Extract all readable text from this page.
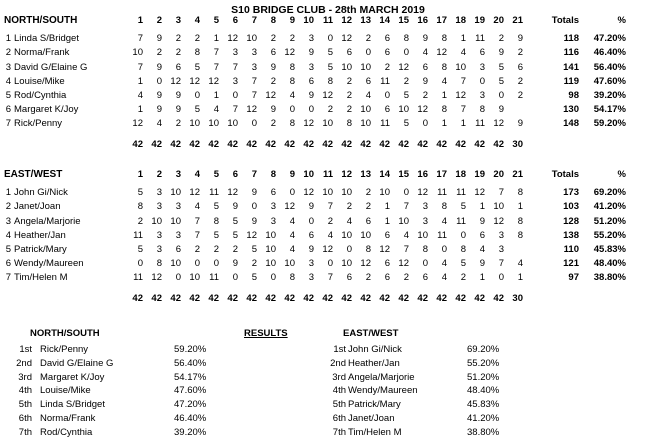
S10 BRIDGE CLUB - 28th MARCH 2019
NORTH/SOUTH		1	2	3	4	5	6	7	8	9	10	11	12	13	14	15	16	17	18	19	20	21	Totals	%

1	Linda S/Bridget	7	9	2	2	1	12	10	2	2	3	0	12	2	6	8	9	8	1	11	2	9	118	47.20%
2	Norma/Frank	10	2	2	8	7	3	3	6	12	9	5	6	0	6	0	4	12	4	6	9	2	116	46.40%
3	David G/Elaine G	7	9	6	5	7	7	3	9	8	3	5	10	10	2	12	6	8	10	3	5	6	141	56.40%
4	Louise/Mike	1	0	12	12	12	3	7	2	8	6	8	2	6	11	2	9	4	7	0	5	2	119	47.60%
5	Rod/Cynthia	4	9	9	0	1	0	7	12	4	9	12	2	4	0	5	2	1	12	3	0	2	98	39.20%
6	Margaret K/Joy	1	9	9	5	4	7	12	9	0	0	2	2	10	6	10	12	8	7	8	9		130	54.17%
7	Rick/Penny	12	4	2	10	10	10	0	2	8	12	10	8	10	11	5	0	1	1	11	12	9	148	59.20%
		42	42	42	42	42	42	42	42	42	42	42	42	42	42	42	42	42	42	42	42	30		
EAST/WEST		1	2	3	4	5	6	7	8	9	10	11	12	13	14	15	16	17	18	19	20	21	Totals	%

1	John Gi/Nick	5	3	10	12	11	12	9	6	0	12	10	10	2	10	0	12	11	11	12	7	8	173	69.20%
2	Janet/Joan	8	3	3	4	5	9	0	3	12	9	7	2	2	1	7	3	8	5	1	10	1	103	41.20%
3	Angela/Marjorie	2	10	10	7	8	5	9	3	4	0	2	4	6	1	10	3	4	11	9	12	8	128	51.20%
4	Heather/Jan	11	3	3	7	5	5	12	10	4	6	4	10	10	6	4	10	11	0	6	3	8	138	55.20%
5	Patrick/Mary	5	3	6	2	2	2	5	10	4	9	12	0	8	12	7	8	0	8	4	3		110	45.83%
6	Wendy/Maureen	0	8	10	0	0	9	2	10	10	3	0	10	12	6	12	0	4	5	9	7	4	121	48.40%
7	Tim/Helen M	11	12	0	10	11	0	5	0	8	3	7	6	2	6	2	6	4	2	1	0	1	97	38.80%
		42	42	42	42	42	42	42	42	42	42	42	42	42	42	42	42	42	42	42	42	30		
NORTH/SOUTH	RESULTS	EAST/WEST
1st Rick/Penny	59.20%	1st John Gi/Nick	69.20%
2nd David G/Elaine G	56.40%	2nd Heather/Jan	55.20%
3rd Margaret K/Joy	54.17%	3rd Angela/Marjorie	51.20%
4th Louise/Mike	47.60%	4th Wendy/Maureen	48.40%
5th Linda S/Bridget	47.20%	5th Patrick/Mary	45.83%
6th Norma/Frank	46.40%	6th Janet/Joan	41.20%
7th Rod/Cynthia	39.20%	7th Tim/Helen M	38.80%
